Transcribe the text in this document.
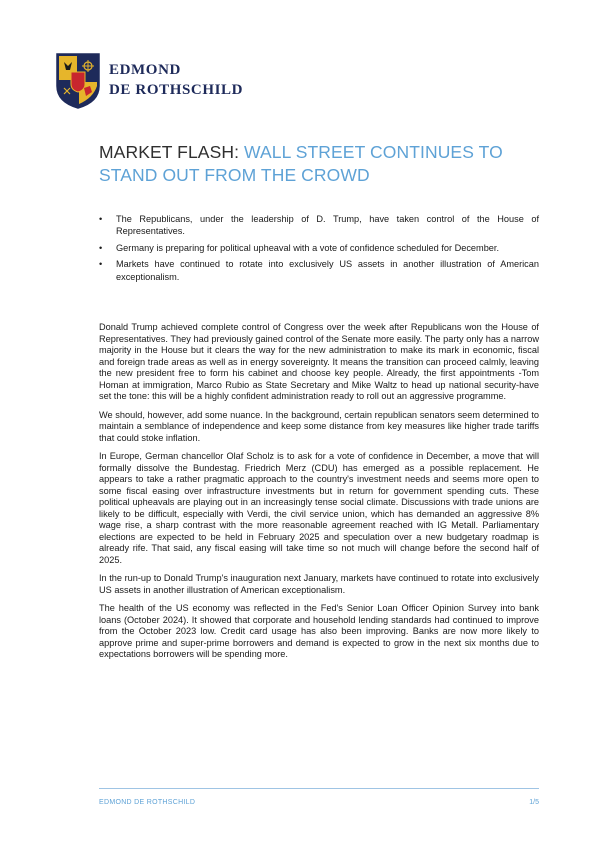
EDMOND
DE ROTHSCHILD
MARKET FLASH: WALL STREET CONTINUES TO STAND OUT FROM THE CROWD
• The Republicans, under the leadership of D. Trump, have taken control of the House of Representatives.
• Germany is preparing for political upheaval with a vote of confidence scheduled for December.
• Markets have continued to rotate into exclusively US assets in another illustration of American exceptionalism.

Donald Trump achieved complete control of Congress over the week after Republicans won the House of Representatives. They had previously gained control of the Senate more easily. The party only has a narrow majority in the House but it clears the way for the new administration to make its mark in economic, fiscal and foreign trade areas as well as in energy sovereignty. It means the transition can proceed calmly, leaving the new president free to form his cabinet and choose key people. Already, the first appointments -Tom Homan at immigration, Marco Rubio as State Secretary and Mike Waltz to head up national security-have set the tone: this will be a highly confident administration ready to roll out an aggressive programme.

We should, however, add some nuance. In the background, certain republican senators seem determined to maintain a semblance of independence and keep some distance from key measures like higher trade tariffs that could stoke inflation.

In Europe, German chancellor Olaf Scholz is to ask for a vote of confidence in December, a move that will formally dissolve the Bundestag. Friedrich Merz (CDU) has emerged as a possible replacement. He appears to take a rather pragmatic approach to the country's investment needs and seems more open to some fiscal easing over infrastructure investments but in return for government spending cuts. These political upheavals are playing out in an increasingly tense social climate. Discussions with trade unions are likely to be difficult, especially with Verdi, the civil service union, which has demanded an aggressive 8% wage rise, a sharp contrast with the more reasonable agreement reached with IG Metall. Parliamentary elections are expected to be held in February 2025 and speculation over a new budgetary roadmap is already rife. That said, any fiscal easing will take time so not much will change before the second half of 2025.

In the run-up to Donald Trump's inauguration next January, markets have continued to rotate into exclusively US assets in another illustration of American exceptionalism.

The health of the US economy was reflected in the Fed's Senior Loan Officer Opinion Survey into bank loans (October 2024). It showed that corporate and household lending standards had continued to improve from the October 2023 low. Credit card usage has also been improving. Banks are now more likely to approve prime and super-prime borrowers and demand is expected to grow in the next six months due to expectations borrowers will be spending more.

EDMOND DE ROTHSCHILD	1/5
